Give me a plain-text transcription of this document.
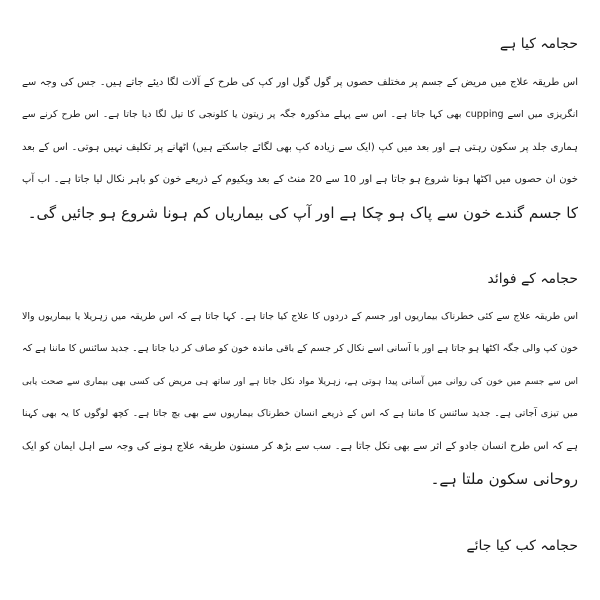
حجامہ کیا ہے
اس طریقہ علاج میں مریض کے جسم پر مختلف حصوں پر گول گول اور کپ کی طرح کے آلات لگا دیئے جاتے ہیں۔ جس کی وجہ سے
انگریزی میں اسے cupping بھی کہا جاتا ہے۔ اس سے پہلے مذکورہ جگہ پر زیتون یا کلونجی کا تیل لگا دیا جاتا ہے۔ اس طرح کرنے سے
ہماری جلد پر سکون رہتی ہے اور بعد میں کپ (ایک سے زیادہ کپ بھی لگائے جاسکتے ہیں) اٹھانے پر تکلیف نہیں ہوتی۔ اس کے بعد
خون ان حصوں میں اکٹھا ہونا شروع ہو جاتا ہے اور 10 سے 20 منٹ کے بعد ویکیوم کے ذریعے خون کو باہر نکال لیا جاتا ہے۔ اب آپ
کا جسم گندے خون سے پاک ہو چکا ہے اور آپ کی بیماریاں کم ہونا شروع ہو جائیں گی۔
حجامہ کے فوائد
اس طریقہ علاج سے کئی خطرناک بیماریوں اور جسم کے دردوں کا علاج کیا جاتا ہے۔ کہا جاتا ہے کہ اس طریقہ میں زہریلا یا بیماریوں والا
خون کپ والی جگہ اکٹھا ہو جاتا ہے اور با آسانی اسے نکال کر جسم کے باقی ماندہ خون کو صاف کر دیا جاتا ہے۔ جدید سائنس کا ماننا ہے کہ
اس سے جسم میں خون کی روانی میں آسانی پیدا ہوتی ہے، زہریلا مواد نکل جاتا ہے اور ساتھ ہی مریض کی کسی بھی بیماری سے صحت یابی
میں تیزی آجاتی ہے۔ جدید سائنس کا ماننا ہے کہ اس کے ذریعے انسان خطرناک بیماریوں سے بھی بچ جاتا ہے۔ کچھ لوگوں کا یہ بھی کہنا
ہے کہ اس طرح انسان جادو کے اثر سے بھی نکل جاتا ہے۔ سب سے بڑھ کر مسنون طریقہ علاج ہونے کی وجہ سے اہل ایمان کو ایک
روحانی سکون ملتا ہے۔
حجامہ کب کیا جائے
